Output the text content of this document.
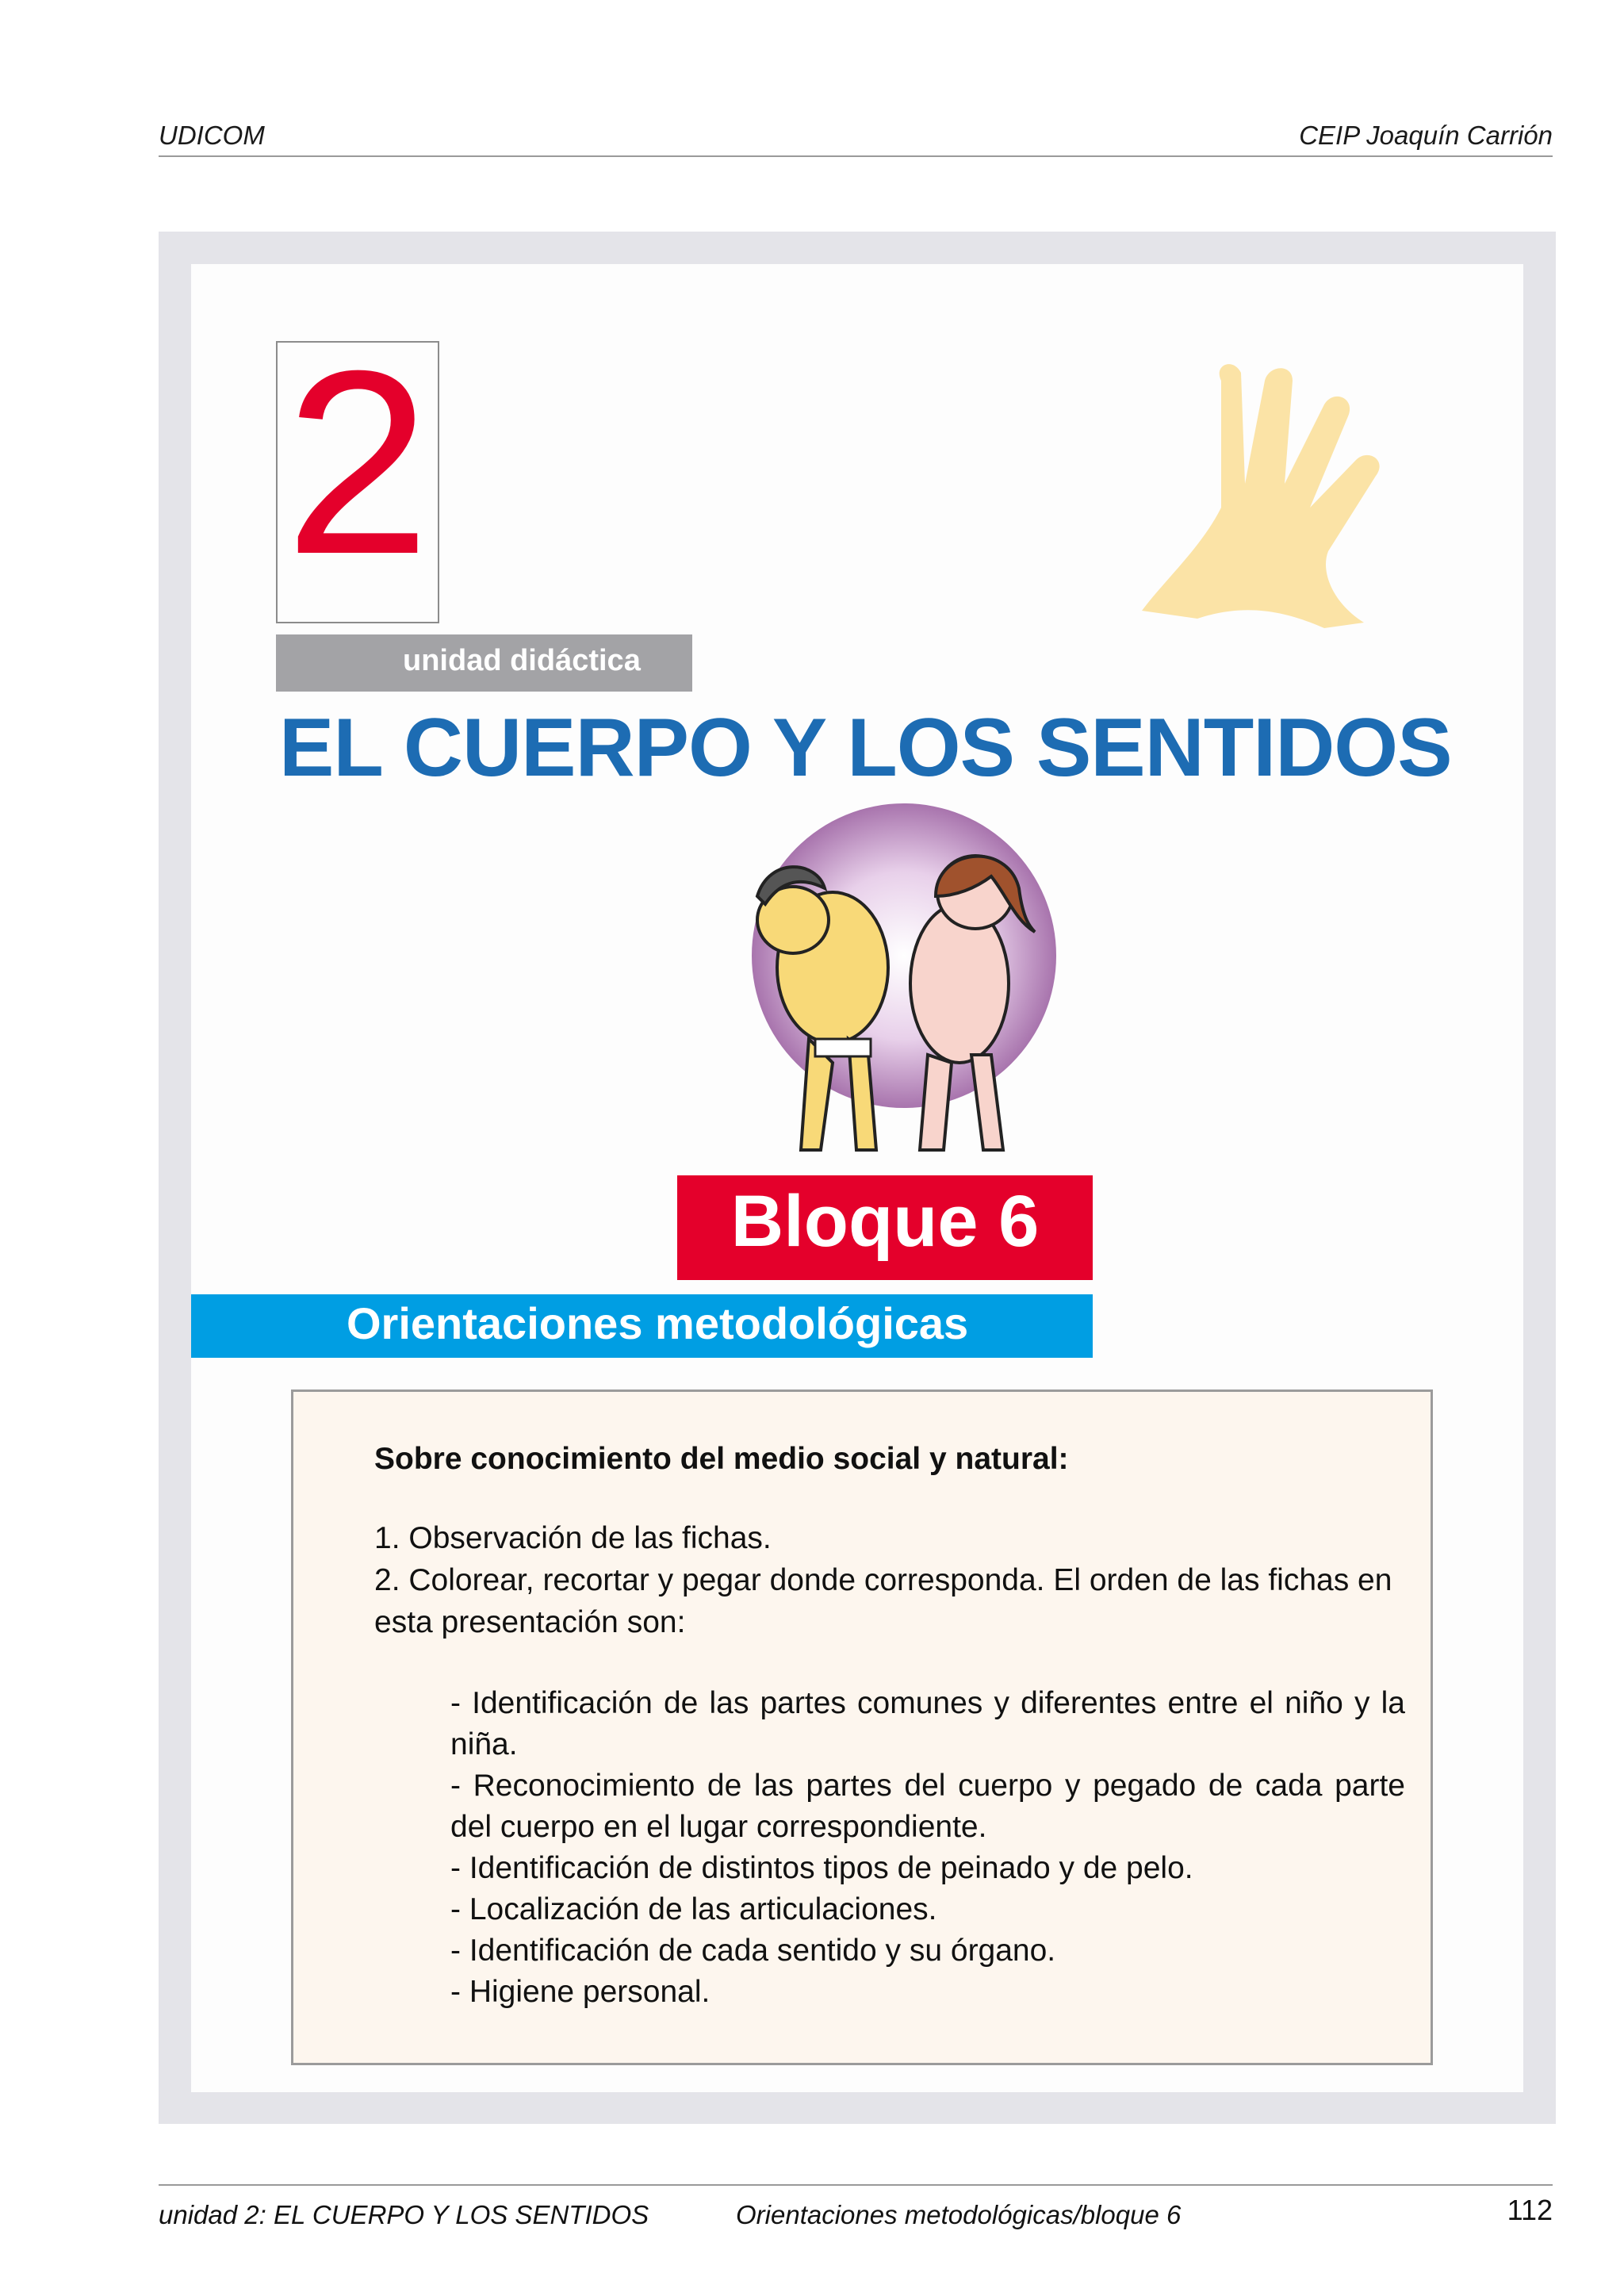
UDICOM	CEIP Joaquín Carrión
2
unidad didáctica
EL CUERPO Y LOS SENTIDOS
Bloque 6
Orientaciones metodológicas
Sobre conocimiento del medio social y natural:
1. Observación de las fichas.
2. Colorear, recortar y pegar donde corresponda. El orden de las fichas en esta presentación son:
- Identificación de las partes comunes y diferentes entre el niño y la niña.
- Reconocimiento de las partes del cuerpo y pegado de cada parte del cuerpo en el lugar correspondiente.
- Identificación de distintos tipos de peinado y de pelo.
- Localización de las articulaciones.
- Identificación de cada sentido y su órgano.
- Higiene personal.
unidad 2: EL CUERPO Y LOS SENTIDOS	Orientaciones metodológicas/bloque 6	112
